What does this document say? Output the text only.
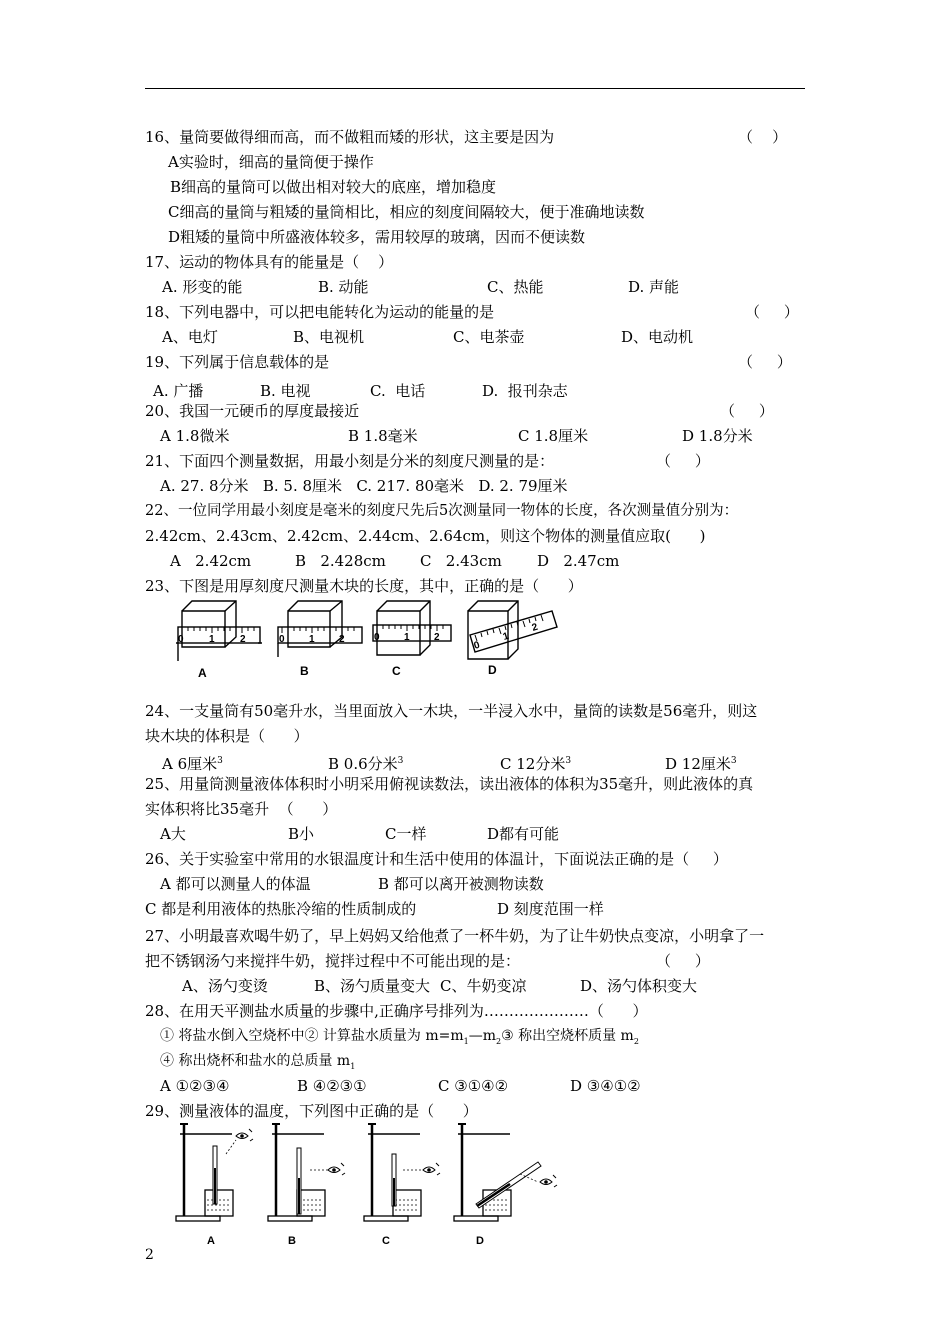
16、量筒要做得细而高，而不做粗而矮的形状，这主要是因为	（    ）
A实验时，细高的量筒便于操作
B细高的量筒可以做出相对较大的底座，增加稳度
C细高的量筒与粗矮的量筒相比，相应的刻度间隔较大，便于准确地读数
D粗矮的量筒中所盛液体较多，需用较厚的玻璃，因而不便读数
17、运动的物体具有的能量是（    ）
A. 形变的能	B. 动能	C、热能	D. 声能
18、下列电器中，可以把电能转化为运动的能量的是	（     ）
A、电灯	B、电视机	C、电茶壶	D、电动机
19、下列属于信息载体的是	（     ）
A. 广播	B. 电视	C.  电话	D.  报刊杂志
20、我国一元硬币的厚度最接近	（     ）
A 1.8微米	B 1.8毫米	C 1.8厘米	D 1.8分米
21、下面四个测量数据，用最小刻是分米的刻度尺测量的是：	（     ）
A. 27. 8分米   B. 5. 8厘米   C. 217. 80毫米   D. 2. 79厘米
22、一位同学用最小刻度是毫米的刻度尺先后5次测量同一物体的长度，各次测量值分别为：
2.42cm、2.43cm、2.42cm、2.44cm、2.64cm，则这个物体的测量值应取(      )
A   2.42cm	B   2.428cm C   2.43cm D   2.47cm
23、下图是用厚刻度尺测量木块的长度，其中，正确的是（      ）
0	1	2	0 1 2	0 1 2
0
1
2
A	B	C	D
24、一支量筒有50毫升水，当里面放入一木块，一半浸入水中，量筒的读数是56毫升，则这
块木块的体积是（      ）
A 6厘米$^3$	B 0.6分米$^3$	C 12分米$^3$	D 12厘米$^3$
25、用量筒测量液体体积时小明采用俯视读数法，读出液体的体积为35毫升，则此液体的真
实体积将比35毫升  （      ）
A大	B小	C一样	D都有可能
26、关于实验室中常用的水银温度计和生活中使用的体温计，下面说法正确的是（     ）
A 都可以测量人的体温	B 都可以离开被测物读数
C 都是利用液体的热胀冷缩的性质制成的	D 刻度范围一样
27、小明最喜欢喝牛奶了，早上妈妈又给他煮了一杯牛奶，为了让牛奶快点变凉，小明拿了一
把不锈钢汤勺来搅拌牛奶，搅拌过程中不可能出现的是：	（     ）
A、汤勺变烫	B、汤勺质量变大 C、牛奶变凉	D、汤勺体积变大
28、在用天平测盐水质量的步骤中,正确序号排列为…………………（      ）
① 将盐水倒入空烧杯中② 计算盐水质量为 $m=m_1—m_2③$ 称出空烧杯质量 $m_2$
④ 称出烧杯和盐水的总质量 $m_1$
A ①②③④	B ④②③①	C ③①④②	D ③④①②
29、测量液体的温度，下列图中正确的是（      ）
A	B	C	D
2
